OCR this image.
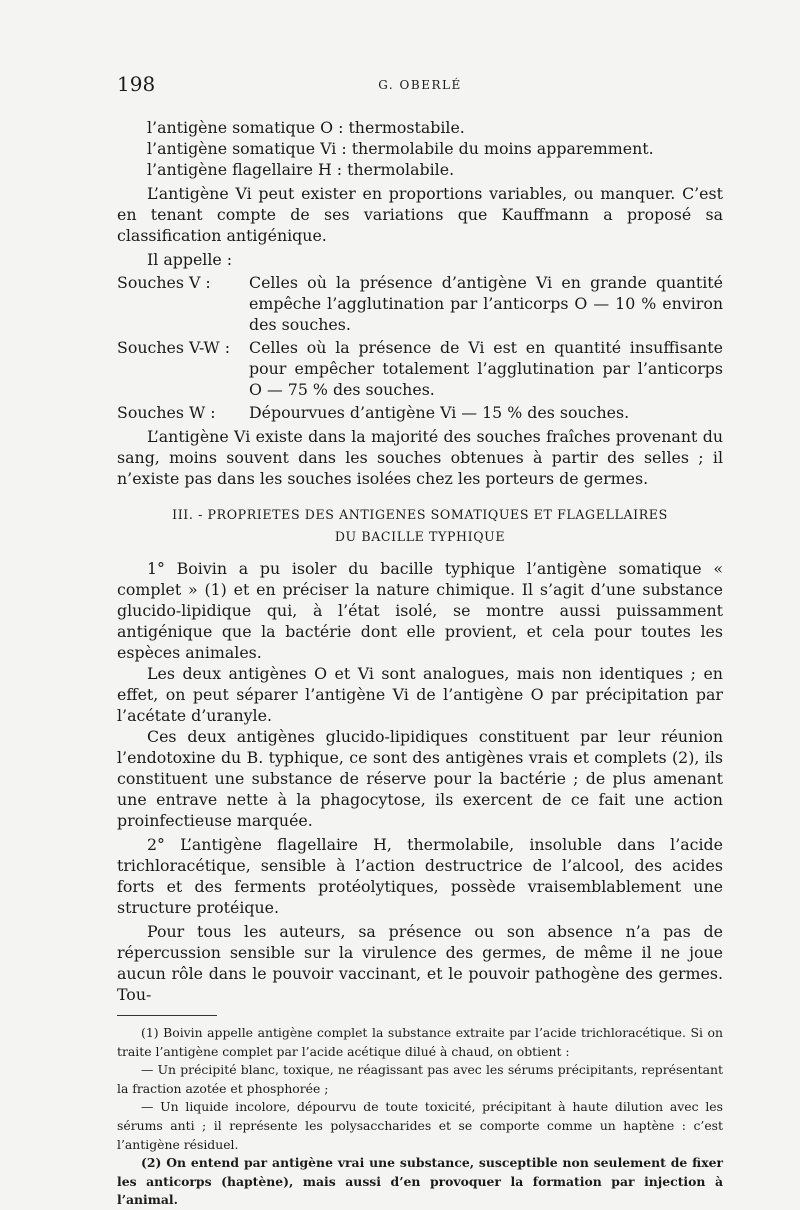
198	G. OBERLÉ

l’antigène somatique O : thermostabile.

l’antigène somatique Vi : thermolabile du moins apparemment.

l’antigène flagellaire H : thermolabile.

L’antigène Vi peut exister en proportions variables, ou manquer. C’est en tenant compte de ses variations que Kauffmann a proposé sa classification antigénique.

Il appelle :

Souches V :	Celles où la présence d’antigène Vi en grande quantité empêche l’agglutination par l’anticorps O — 10 % environ des souches.
Souches V-W :	Celles où la présence de Vi est en quantité insuffisante pour empêcher totalement l’agglutination par l’anticorps O — 75 % des souches.
Souches W :	Dépourvues d’antigène Vi — 15 % des souches.

L’antigène Vi existe dans la majorité des souches fraîches provenant du sang, moins souvent dans les souches obtenues à partir des selles ; il n’existe pas dans les souches isolées chez les porteurs de germes.

III. - PROPRIETES DES ANTIGENES SOMATIQUES ET FLAGELLAIRES
DU BACILLE TYPHIQUE

1° Boivin a pu isoler du bacille typhique l’antigène somatique « complet » (1) et en préciser la nature chimique. Il s’agit d’une substance glucido-lipidique qui, à l’état isolé, se montre aussi puissamment antigénique que la bactérie dont elle provient, et cela pour toutes les espèces animales.

Les deux antigènes O et Vi sont analogues, mais non identiques ; en effet, on peut séparer l’antigène Vi de l’antigène O par précipitation par l’acétate d’uranyle.

Ces deux antigènes glucido-lipidiques constituent par leur réunion l’endotoxine du B. typhique, ce sont des antigènes vrais et complets (2), ils constituent une substance de réserve pour la bactérie ; de plus amenant une entrave nette à la phagocytose, ils exercent de ce fait une action proinfectieuse marquée.

2° L’antigène flagellaire H, thermolabile, insoluble dans l’acide trichloracétique, sensible à l’action destructrice de l’alcool, des acides forts et des ferments protéolytiques, possède vraisemblablement une structure protéique.

Pour tous les auteurs, sa présence ou son absence n’a pas de répercussion sensible sur la virulence des germes, de même il ne joue aucun rôle dans le pouvoir vaccinant, et le pouvoir pathogène des germes. Tou-

(1) Boivin appelle antigène complet la substance extraite par l’acide trichloracétique. Si on traite l’antigène complet par l’acide acétique dilué à chaud, on obtient :

— Un précipité blanc, toxique, ne réagissant pas avec les sérums précipitants, représentant la fraction azotée et phosphorée ;

— Un liquide incolore, dépourvu de toute toxicité, précipitant à haute dilution avec les sérums anti ; il représente les polysaccharides et se comporte comme un haptène : c’est l’antigène résiduel.

(2) On entend par antigène vrai une substance, susceptible non seulement de fixer les anticorps (haptène), mais aussi d’en provoquer la formation par injection à l’animal.
